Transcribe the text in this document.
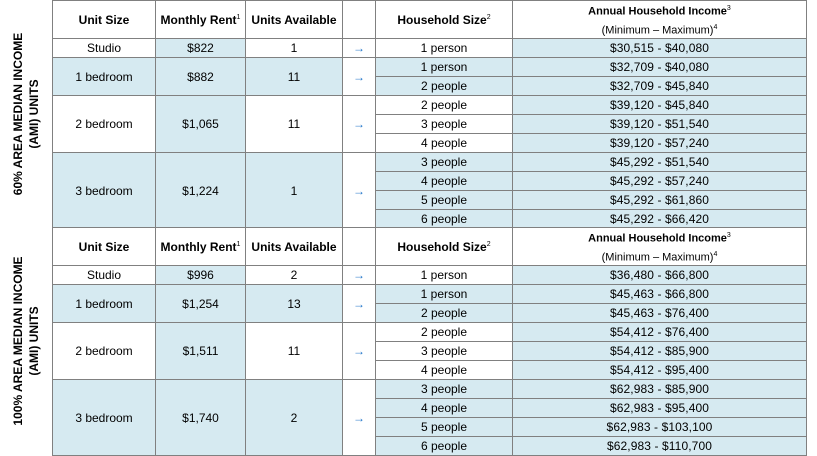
60% AREA MEDIAN INCOME (AMI) UNITS
Unit Size	Monthly Rent$^1$	Units Available		Household Size$^2$	Annual Household Income$^3$
(Minimum – Maximum)$^4$

Studio	$822	1	→	1 person	$30,515 - $40,080
1 bedroom	$882	11	→	1 person	$32,709 - $40,080
				2 people	$32,709 - $45,840
2 bedroom	$1,065	11	→	2 people	$39,120 - $45,840
				3 people	$39,120 - $51,540
				4 people	$39,120 - $57,240
3 bedroom	$1,224	1	→	3 people	$45,292 - $51,540
				4 people	$45,292 - $57,240
				5 people	$45,292 - $61,860
				6 people	$45,292 - $66,420
100% AREA MEDIAN INCOME (AMI) UNITS
Unit Size	Monthly Rent$^1$	Units Available		Household Size$^2$	Annual Household Income$^3$
(Minimum – Maximum)$^4$

Studio	$996	2	→	1 person	$36,480 - $66,800
1 bedroom	$1,254	13	→	1 person	$45,463 - $66,800
				2 people	$45,463 - $76,400
2 bedroom	$1,511	11	→	2 people	$54,412 - $76,400
				3 people	$54,412 - $85,900
				4 people	$54,412 - $95,400
3 bedroom	$1,740	2	→	3 people	$62,983 - $85,900
				4 people	$62,983 - $95,400
				5 people	$62,983 - $103,100
				6 people	$62,983 - $110,700
